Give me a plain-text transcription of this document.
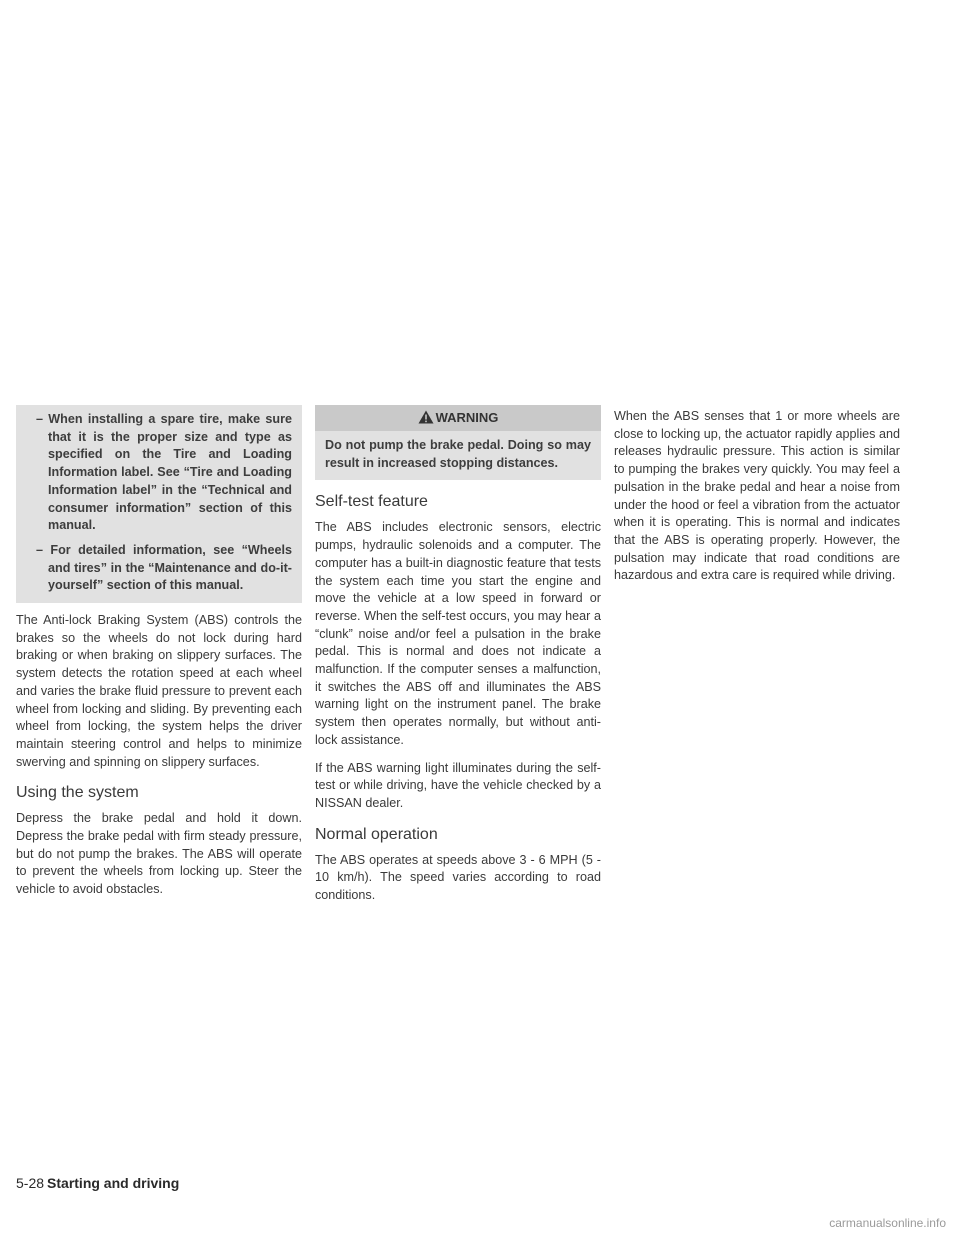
– When installing a spare tire, make sure that it is the proper size and type as specified on the Tire and Loading Information label. See “Tire and Loading Information label” in the “Technical and consumer information” section of this manual.

– For detailed information, see “Wheels and tires” in the “Maintenance and do-it-yourself” section of this manual.

The Anti-lock Braking System (ABS) controls the brakes so the wheels do not lock during hard braking or when braking on slippery surfaces. The system detects the rotation speed at each wheel and varies the brake fluid pressure to prevent each wheel from locking and sliding. By preventing each wheel from locking, the system helps the driver maintain steering control and helps to minimize swerving and spinning on slippery surfaces.

Using the system

Depress the brake pedal and hold it down. Depress the brake pedal with firm steady pressure, but do not pump the brakes. The ABS will operate to prevent the wheels from locking up. Steer the vehicle to avoid obstacles.

WARNING
Do not pump the brake pedal. Doing so may result in increased stopping distances.
Self-test feature

The ABS includes electronic sensors, electric pumps, hydraulic solenoids and a computer. The computer has a built-in diagnostic feature that tests the system each time you start the engine and move the vehicle at a low speed in forward or reverse. When the self-test occurs, you may hear a “clunk” noise and/or feel a pulsation in the brake pedal. This is normal and does not indicate a malfunction. If the computer senses a malfunction, it switches the ABS off and illuminates the ABS warning light on the instrument panel. The brake system then operates normally, but without anti-lock assistance.

If the ABS warning light illuminates during the self-test or while driving, have the vehicle checked by a NISSAN dealer.

Normal operation

The ABS operates at speeds above 3 - 6 MPH (5 - 10 km/h). The speed varies according to road conditions.

When the ABS senses that 1 or more wheels are close to locking up, the actuator rapidly applies and releases hydraulic pressure. This action is similar to pumping the brakes very quickly. You may feel a pulsation in the brake pedal and hear a noise from under the hood or feel a vibration from the actuator when it is operating. This is normal and indicates that the ABS is operating properly. However, the pulsation may indicate that road conditions are hazardous and extra care is required while driving.

5-28 Starting and driving
carmanualsonline.info
